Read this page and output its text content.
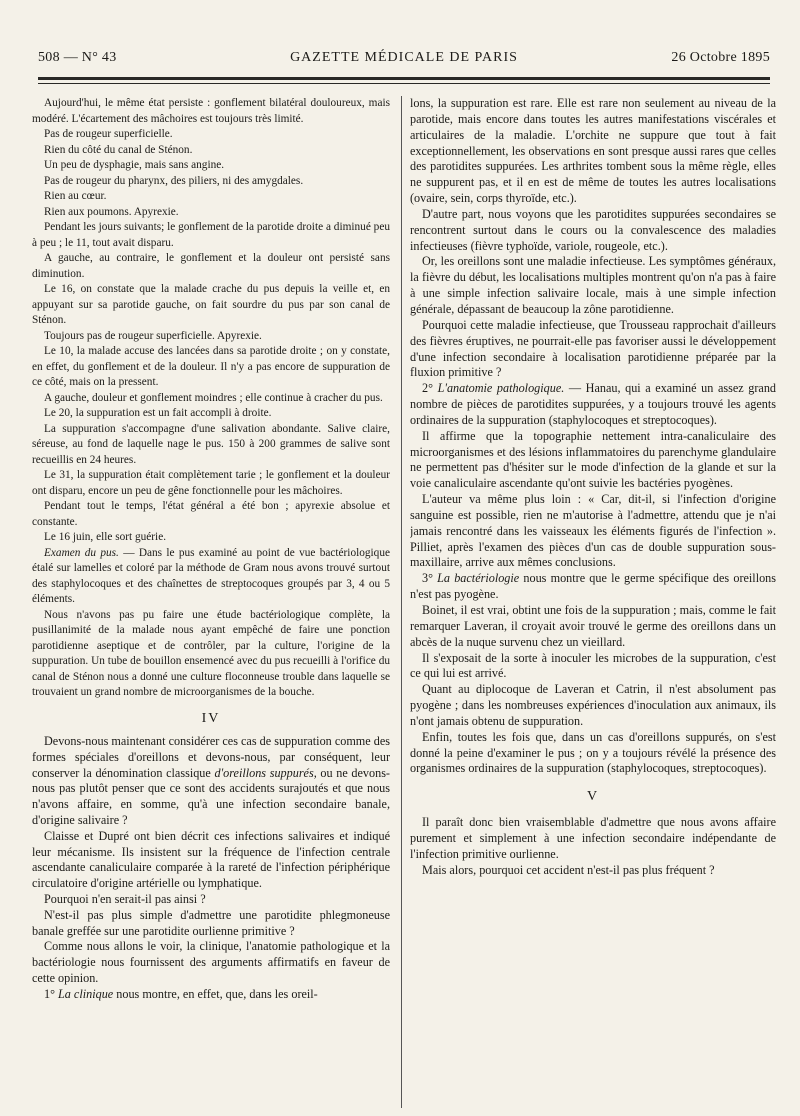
508 — N° 43	GAZETTE MÉDICALE DE PARIS	26 Octobre 1895

Aujourd'hui, le même état persiste : gonflement bilatéral douloureux, mais modéré. L'écartement des mâchoires est toujours très limité.

Pas de rougeur superficielle.

Rien du côté du canal de Sténon.

Un peu de dysphagie, mais sans angine.

Pas de rougeur du pharynx, des piliers, ni des amygdales.

Rien au cœur.

Rien aux poumons. Apyrexie.

Pendant les jours suivants; le gonflement de la parotide droite a diminué peu à peu ; le 11, tout avait disparu.

A gauche, au contraire, le gonflement et la douleur ont persisté sans diminution.

Le 16, on constate que la malade crache du pus depuis la veille et, en appuyant sur sa parotide gauche, on fait sourdre du pus par son canal de Sténon.

Toujours pas de rougeur superficielle. Apyrexie.

Le 10, la malade accuse des lancées dans sa parotide droite ; on y constate, en effet, du gonflement et de la douleur. Il n'y a pas encore de suppuration de ce côté, mais on la pressent.

A gauche, douleur et gonflement moindres ; elle continue à cracher du pus.

Le 20, la suppuration est un fait accompli à droite.

La suppuration s'accompagne d'une salivation abondante. Salive claire, séreuse, au fond de laquelle nage le pus. 150 à 200 grammes de salive sont recueillis en 24 heures.

Le 31, la suppuration était complètement tarie ; le gonflement et la douleur ont disparu, encore un peu de gêne fonctionnelle pour les mâchoires.

Pendant tout le temps, l'état général a été bon ; apyrexie absolue et constante.

Le 16 juin, elle sort guérie.

Examen du pus. — Dans le pus examiné au point de vue bactériologique étalé sur lamelles et coloré par la méthode de Gram nous avons trouvé surtout des staphylocoques et des chaînettes de streptocoques groupés par 3, 4 ou 5 éléments.

Nous n'avons pas pu faire une étude bactériologique complète, la pusillanimité de la malade nous ayant empêché de faire une ponction parotidienne aseptique et de contrôler, par la culture, l'origine de la suppuration. Un tube de bouillon ensemencé avec du pus recueilli à l'orifice du canal de Sténon nous a donné une culture floconneuse trouble dans laquelle se trouvaient un grand nombre de microorganismes de la bouche.

IV

Devons-nous maintenant considérer ces cas de suppuration comme des formes spéciales d'oreillons et devons-nous, par conséquent, leur conserver la dénomination classique d'oreillons suppurés, ou ne devons-nous pas plutôt penser que ce sont des accidents surajoutés et que nous n'avons affaire, en somme, qu'à une infection secondaire banale, d'origine salivaire ?

Claisse et Dupré ont bien décrit ces infections salivaires et indiqué leur mécanisme. Ils insistent sur la fréquence de l'infection centrale ascendante canaliculaire comparée à la rareté de l'infection périphérique circulatoire d'origine artérielle ou lymphatique.

Pourquoi n'en serait-il pas ainsi ?

N'est-il pas plus simple d'admettre une parotidite phlegmoneuse banale greffée sur une parotidite ourlienne primitive ?

Comme nous allons le voir, la clinique, l'anatomie pathologique et la bactériologie nous fournissent des arguments affirmatifs en faveur de cette opinion.

1° La clinique nous montre, en effet, que, dans les oreil-

lons, la suppuration est rare. Elle est rare non seulement au niveau de la parotide, mais encore dans toutes les autres manifestations viscérales et articulaires de la maladie. L'orchite ne suppure que tout à fait exceptionnellement, les observations en sont presque aussi rares que celles des parotidites suppurées. Les arthrites tombent sous la même règle, elles ne suppurent pas, et il en est de même de toutes les autres localisations (ovaire, sein, corps thyroïde, etc.).

D'autre part, nous voyons que les parotidites suppurées secondaires se rencontrent surtout dans le cours ou la convalescence des maladies infectieuses (fièvre typhoïde, variole, rougeole, etc.).

Or, les oreillons sont une maladie infectieuse. Les symptômes généraux, la fièvre du début, les localisations multiples montrent qu'on n'a pas à faire à une simple infection salivaire locale, mais à une simple infection générale, dépassant de beaucoup la zône parotidienne.

Pourquoi cette maladie infectieuse, que Trousseau rapprochait d'ailleurs des fièvres éruptives, ne pourrait-elle pas favoriser aussi le développement d'une infection secondaire à localisation parotidienne préparée par la fluxion primitive ?

2° L'anatomie pathologique. — Hanau, qui a examiné un assez grand nombre de pièces de parotidites suppurées, y a toujours trouvé les agents ordinaires de la suppuration (staphylocoques et streptocoques).

Il affirme que la topographie nettement intra-canaliculaire des microorganismes et des lésions inflammatoires du parenchyme glandulaire ne permettent pas d'hésiter sur le mode d'infection de la glande et sur la voie canaliculaire ascendante qu'ont suivie les bactéries pyogènes.

L'auteur va même plus loin : « Car, dit-il, si l'infection d'origine sanguine est possible, rien ne m'autorise à l'admettre, attendu que je n'ai jamais rencontré dans les vaisseaux les éléments figurés de l'infection ». Pilliet, après l'examen des pièces d'un cas de double suppuration sous-maxillaire, arrive aux mêmes conclusions.

3° La bactériologie nous montre que le germe spécifique des oreillons n'est pas pyogène.

Boinet, il est vrai, obtint une fois de la suppuration ; mais, comme le fait remarquer Laveran, il croyait avoir trouvé le germe des oreillons dans un abcès de la nuque survenu chez un vieillard.

Il s'exposait de la sorte à inoculer les microbes de la suppuration, c'est ce qui lui est arrivé.

Quant au diplocoque de Laveran et Catrin, il n'est absolument pas pyogène ; dans les nombreuses expériences d'inoculation aux animaux, ils n'ont jamais obtenu de suppuration.

Enfin, toutes les fois que, dans un cas d'oreillons suppurés, on s'est donné la peine d'examiner le pus ; on y a toujours révélé la présence des organismes ordinaires de la suppuration (staphylocoques, streptocoques).

V

Il paraît donc bien vraisemblable d'admettre que nous avons affaire purement et simplement à une infection secondaire indépendante de l'infection primitive ourlienne.

Mais alors, pourquoi cet accident n'est-il pas plus fréquent ?
